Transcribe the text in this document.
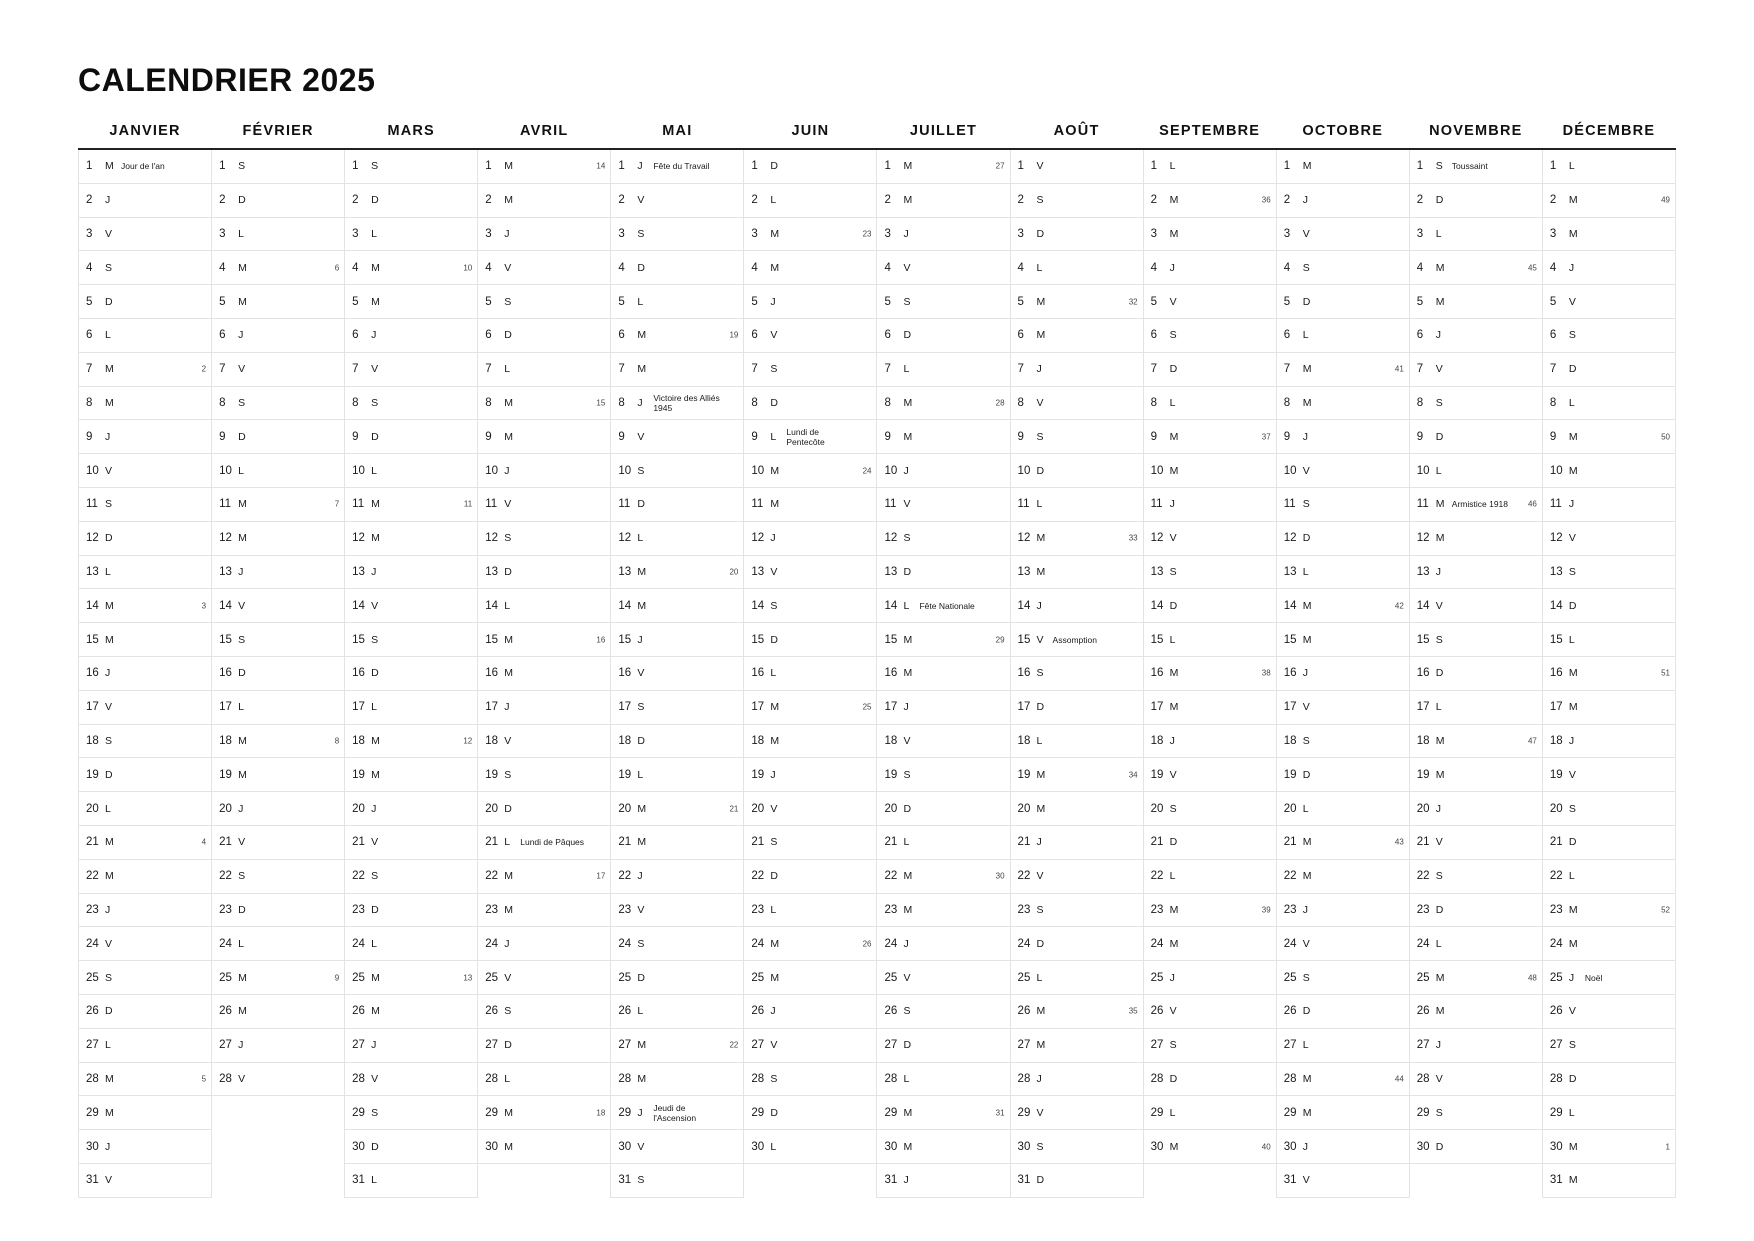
CALENDRIER 2025
JANVIER	FÉVRIER	MARS	AVRIL	MAI	JUIN	JUILLET	AOÛT	SEPTEMBRE	OCTOBRE	NOVEMBRE	DÉCEMBRE

1 M Jour de l'an	1 S	1 S	1 M 14	1 J Fête du Travail	1 D	1 M 27	1 V	1 L	1 M	1 S Toussaint	1 L

2 J	2 D	2 D	2 M	2 V	2 L	2 M	2 S	2 M 36	2 J	2 D	2 M 49

3 V	3 L	3 L	3 J	3 S	3 M 23	3 J	3 D	3 M	3 V	3 L	3 M

4 S	4 M 6	4 M 10	4 V	4 D	4 M	4 V	4 L	4 J	4 S	4 M 45	4 J

5 D	5 M	5 M	5 S	5 L	5 J	5 S	5 M 32	5 V	5 D	5 M	5 V

6 L	6 J	6 J	6 D	6 M 19	6 V	6 D	6 M	6 S	6 L	6 J	6 S

7 M 2	7 V	7 V	7 L	7 M	7 S	7 L	7 J	7 D	7 M 41	7 V	7 D

8 M	8 S	8 S	8 M 15	8 J Victoire des Alliés 1945	8 D	8 M 28	8 V	8 L	8 M	8 S	8 L

9 J	9 D	9 D	9 M	9 V	9 L Lundi de Pentecôte	9 M	9 S	9 M 37	9 J	9 D	9 M 50

10 V	10 L	10 L	10 J	10 S	10 M 24	10 J	10 D	10 M	10 V	10 L	10 M

11 S	11 M 7	11 M 11	11 V	11 D	11 M	11 V	11 L	11 J	11 S	11 M Armistice 1918 46	11 J

12 D	12 M	12 M	12 S	12 L	12 J	12 S	12 M 33	12 V	12 D	12 M	12 V

13 L	13 J	13 J	13 D	13 M 20	13 V	13 D	13 M	13 S	13 L	13 J	13 S

14 M 3	14 V	14 V	14 L	14 M	14 S	14 L Fête Nationale	14 J	14 D	14 M 42	14 V	14 D

15 M	15 S	15 S	15 M 16	15 J	15 D	15 M 29	15 V Assomption	15 L	15 M	15 S	15 L

16 J	16 D	16 D	16 M	16 V	16 L	16 M	16 S	16 M 38	16 J	16 D	16 M 51

17 V	17 L	17 L	17 J	17 S	17 M 25	17 J	17 D	17 M	17 V	17 L	17 M

18 S	18 M 8	18 M 12	18 V	18 D	18 M	18 V	18 L	18 J	18 S	18 M 47	18 J

19 D	19 M	19 M	19 S	19 L	19 J	19 S	19 M 34	19 V	19 D	19 M	19 V

20 L	20 J	20 J	20 D	20 M 21	20 V	20 D	20 M	20 S	20 L	20 J	20 S

21 M 4	21 V	21 V	21 L Lundi de Pâques	21 M	21 S	21 L	21 J	21 D	21 M 43	21 V	21 D

22 M	22 S	22 S	22 M 17	22 J	22 D	22 M 30	22 V	22 L	22 M	22 S	22 L

23 J	23 D	23 D	23 M	23 V	23 L	23 M	23 S	23 M 39	23 J	23 D	23 M 52

24 V	24 L	24 L	24 J	24 S	24 M 26	24 J	24 D	24 M	24 V	24 L	24 M

25 S	25 M 9	25 M 13	25 V	25 D	25 M	25 V	25 L	25 J	25 S	25 M 48	25 J Noël

26 D	26 M	26 M	26 S	26 L	26 J	26 S	26 M 35	26 V	26 D	26 M	26 V

27 L	27 J	27 J	27 D	27 M 22	27 V	27 D	27 M	27 S	27 L	27 J	27 S

28 M 5	28 V	28 V	28 L	28 M	28 S	28 L	28 J	28 D	28 M 44	28 V	28 D

29 M		29 S	29 M 18	29 J Jeudi de l'Ascension	29 D	29 M 31	29 V	29 L	29 M	29 S	29 L

30 J		30 D	30 M	30 V	30 L	30 M	30 S	30 M 40	30 J	30 D	30 M 1

31 V		31 L		31 S		31 J	31 D		31 V		31 M
